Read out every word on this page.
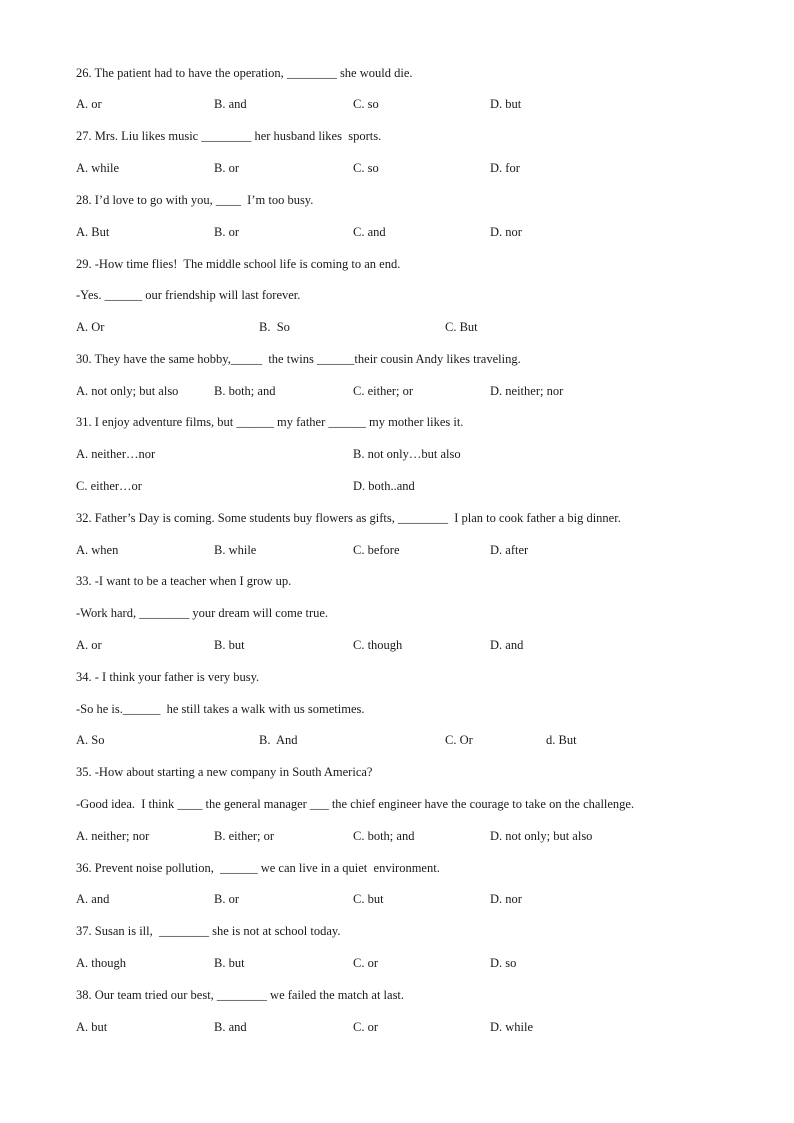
26. The patient had to have the operation, ________ she would die.
A. or	B. and	C. so	D. but
27. Mrs. Liu likes music ________ her husband likes  sports.
A. while	B. or	C. so	D. for
28. I’d love to go with you, ____  I’m too busy.
A. But	B. or	C. and	D. nor
29. -How time flies!  The middle school life is coming to an end.
-Yes. ______ our friendship will last forever.
A. Or	B.  So	C. But
30. They have the same hobby,_____  the twins ______their cousin Andy likes traveling.
A. not only; but also	B. both; and	C. either; or	D. neither; nor
31. I enjoy adventure films, but ______ my father ______ my mother likes it.
A. neither…nor	B. not only…but also
C. either…or	D. both..and
32. Father’s Day is coming. Some students buy flowers as gifts, ________  I plan to cook father a big dinner.
A. when	B. while	C. before	D. after
33. -I want to be a teacher when I grow up.
-Work hard, ________ your dream will come true.
A. or	B. but	C. though	D. and
34. - I think your father is very busy.
-So he is.______  he still takes a walk with us sometimes.
A. So	B.  And	C. Or	d. But
35. -How about starting a new company in South America?
-Good idea.  I think ____ the general manager ___ the chief engineer have the courage to take on the challenge.
A. neither; nor	B. either; or	C. both; and	D. not only; but also
36. Prevent noise pollution,  ______ we can live in a quiet  environment.
A. and	B. or	C. but	D. nor
37. Susan is ill,  ________ she is not at school today.
A. though	B. but	C. or	D. so
38. Our team tried our best, ________ we failed the match at last.
A. but	B. and	C. or	D. while
